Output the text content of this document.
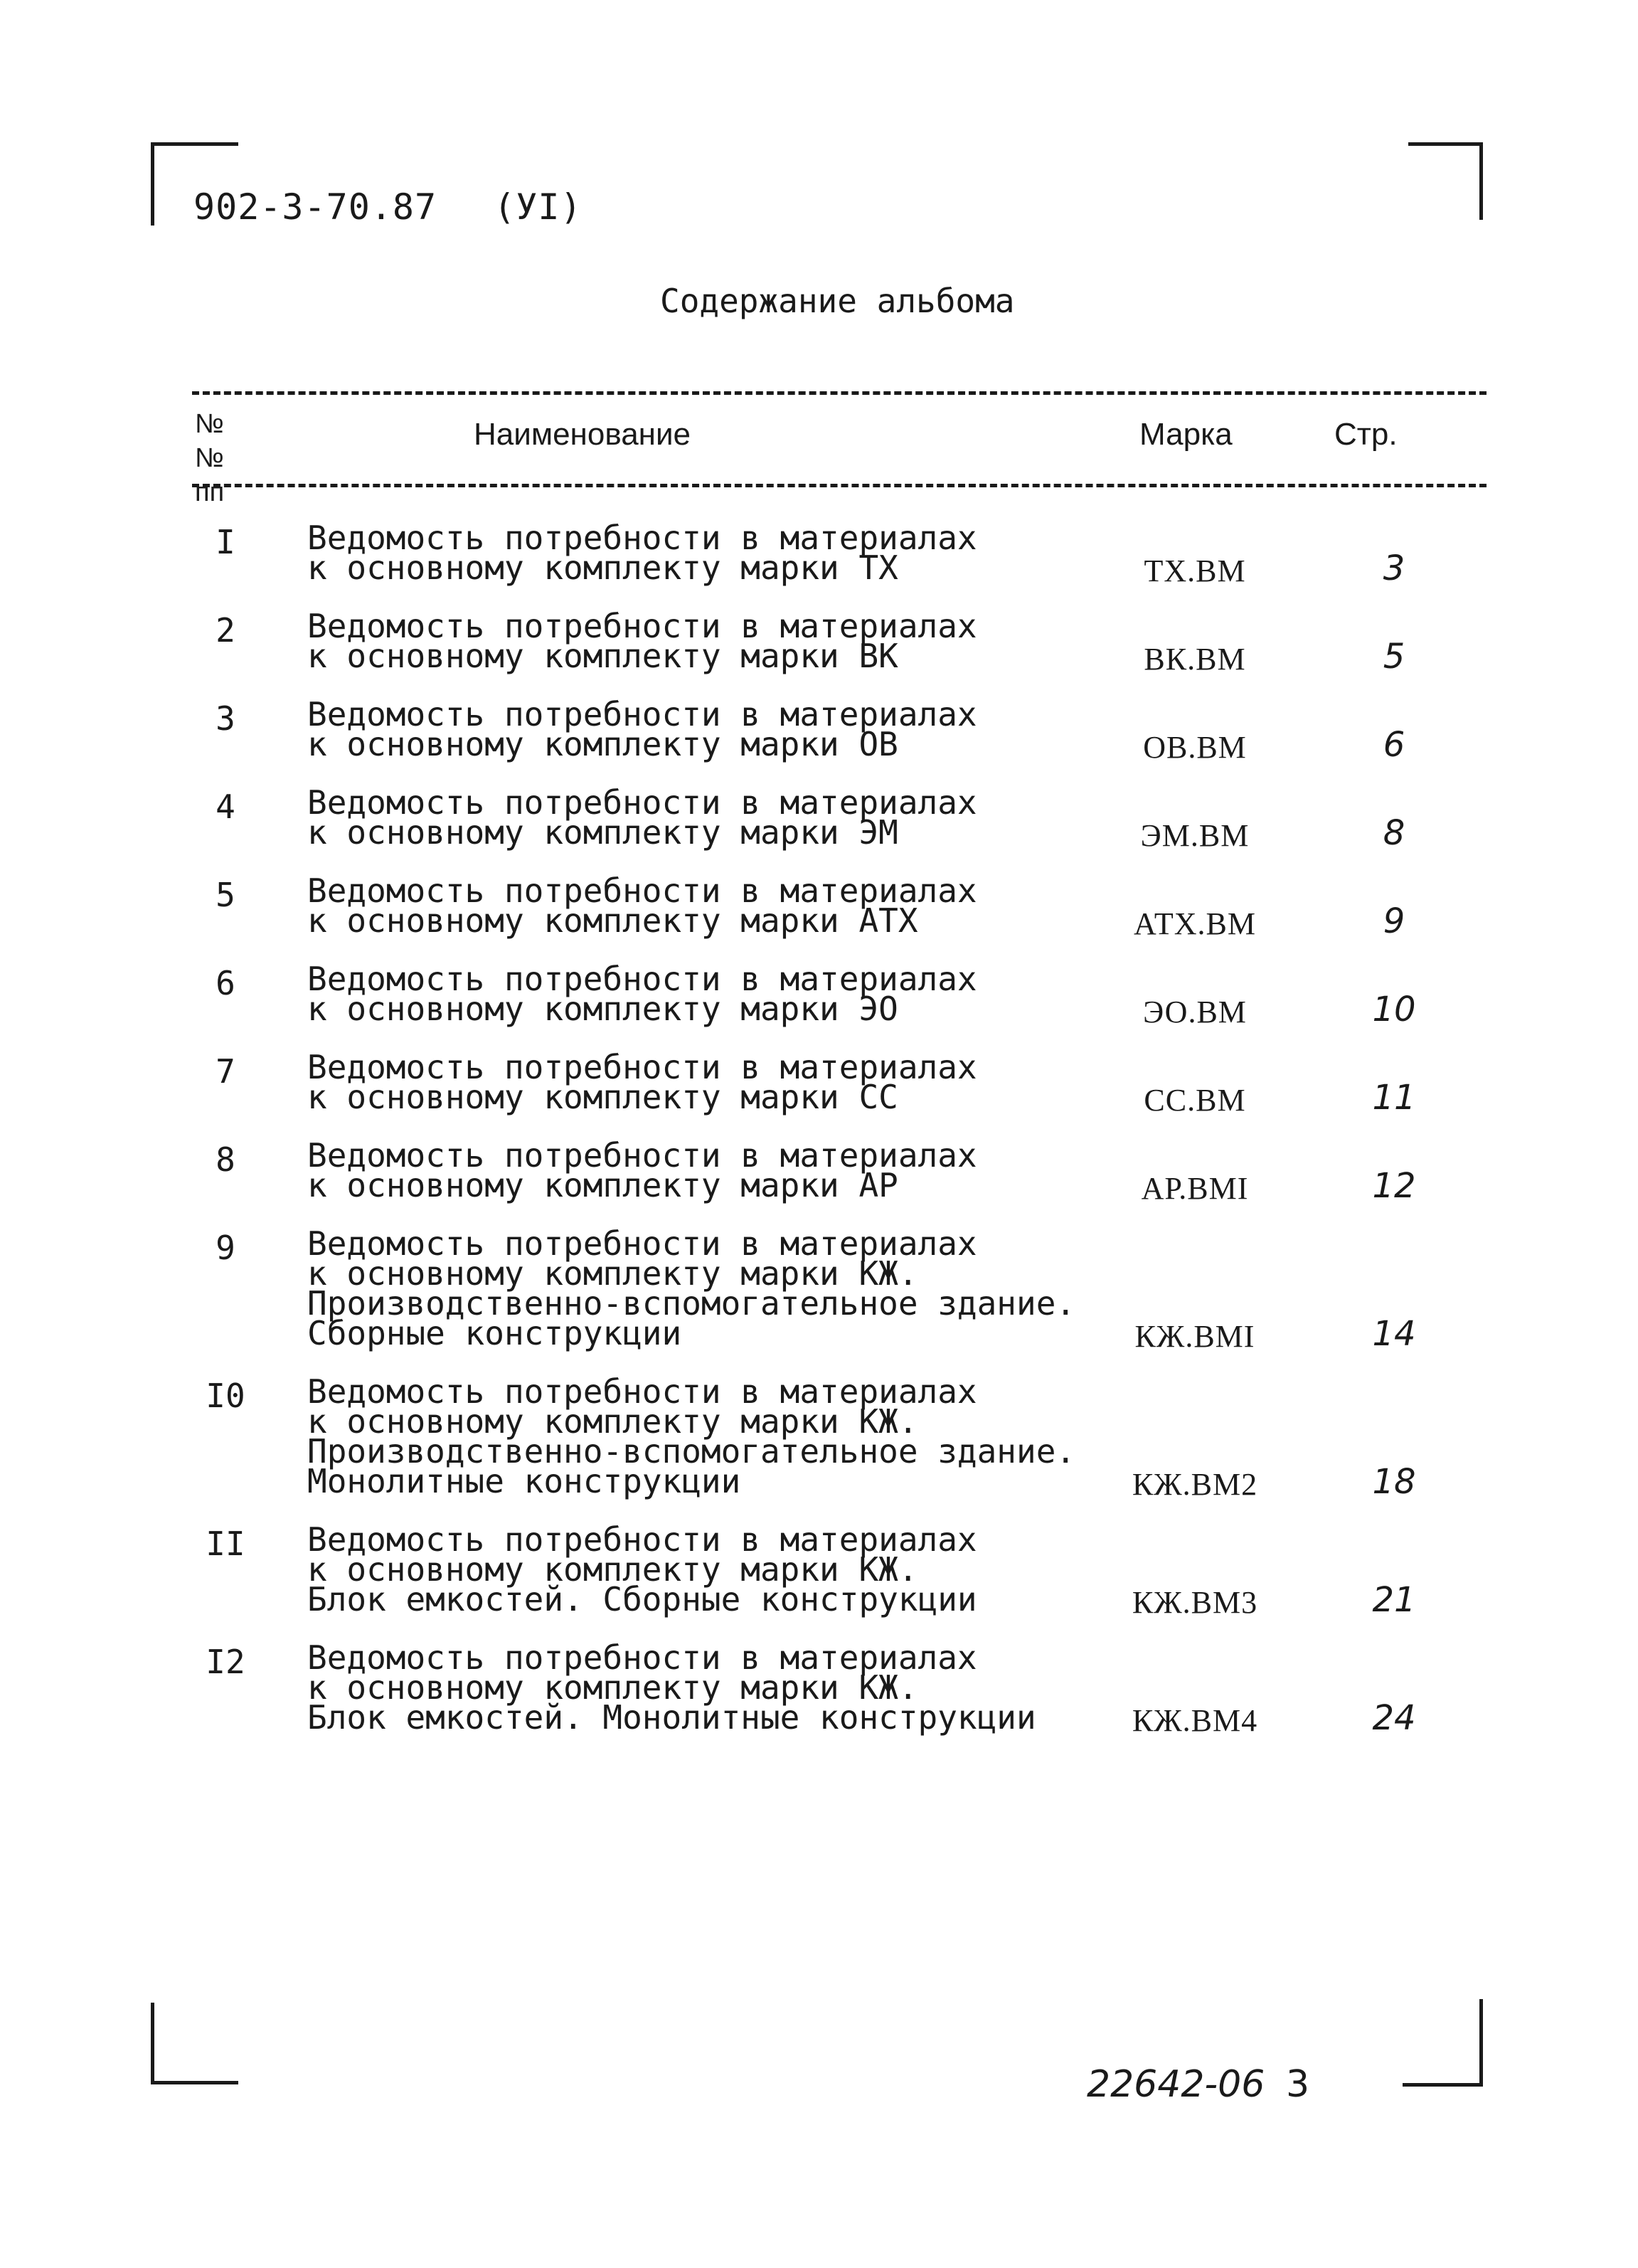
902-3-70.87 (УI)
Содержание альбома
№№ пп
Наименование	Марка	Стр.
I	Ведомость потребности в материалах
к основному комплекту марки ТХ	ТХ.ВМ	3
2	Ведомость потребности в материалах
к основному комплекту марки ВК	ВК.ВМ	5
3	Ведомость потребности в материалах
к основному комплекту марки ОВ	ОВ.ВМ	6
4	Ведомость потребности в материалах
к основному комплекту марки ЭМ	ЭМ.ВМ	8
5	Ведомость потребности в материалах
к основному комплекту марки АТХ	АТХ.ВМ	9
6	Ведомость потребности в материалах
к основному комплекту марки ЭО	ЭО.ВМ	10
7	Ведомость потребности в материалах
к основному комплекту марки СС	СС.ВМ	11
8	Ведомость потребности в материалах
к основному комплекту марки АР	АР.ВМI	12
9	Ведомость потребности в материалах
к основному комплекту марки КЖ.
Производственно-вспомогательное здание.
Сборные конструкции	КЖ.ВМI	14
I0	Ведомость потребности в материалах
к основному комплекту марки КЖ.
Производственно-вспомогательное здание.
Монолитные конструкции	КЖ.ВМ2	18
II	Ведомость потребности в материалах
к основному комплекту марки КЖ.
Блок емкостей. Сборные конструкции	КЖ.ВМ3	21
I2	Ведомость потребности в материалах
к основному комплекту марки КЖ.
Блок емкостей. Монолитные конструкции	КЖ.ВМ4	24
22642-06 3
